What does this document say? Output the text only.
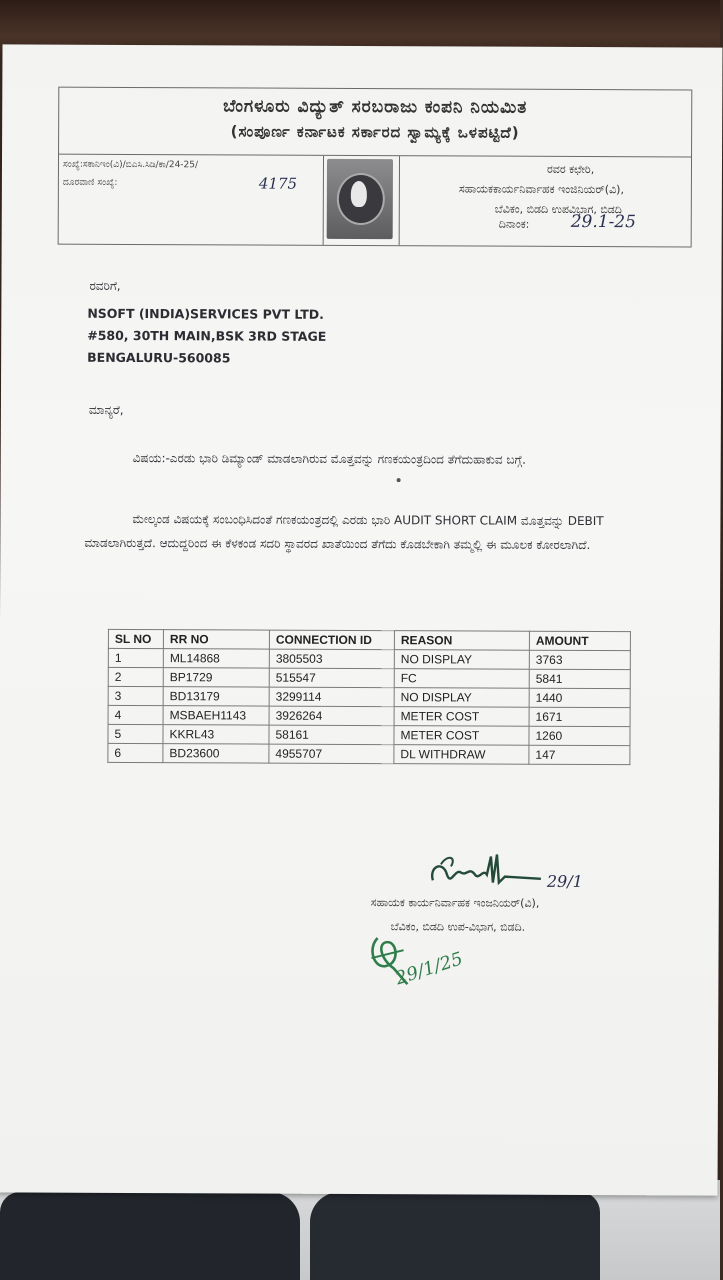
ಬೆಂಗಳೂರು ವಿದ್ಯುತ್ ಸರಬರಾಜು ಕಂಪನಿ ನಿಯಮಿತ
(ಸಂಪೂರ್ಣ ಕರ್ನಾಟಕ ಸರ್ಕಾರದ ಸ್ವಾಮ್ಯಕ್ಕೆ ಒಳಪಟ್ಟಿದೆ)
ಸಂಖ್ಯೆ:ಸಕಾನಿಇಂ(ವಿ)/ಬಿಎಸಿ.ಸಿಡಿ/ಕಾ/24-25/
ದೂರವಾಣಿ ಸಂಖ್ಯೆ:	4175
ರವರ ಕಛೇರಿ,
ಸಹಾಯಕಕಾರ್ಯನಿರ್ವಾಹಕ ಇಂಜಿನಿಯರ್(ವಿ),
ಬೆವಿಕಂ, ಬಿಡದಿ ಉಪವಿಭಾಗ, ಬಿಡದಿ
ದಿನಾಂಕ: 29.1-25
ರವರಿಗೆ,
NSOFT (INDIA)SERVICES PVT LTD.
#580, 30TH MAIN,BSK 3RD STAGE
BENGALURU-560085
ಮಾನ್ಯರೆ,
ವಿಷಯ:-ಎರಡು ಭಾರಿ ಡಿಮ್ಯಾಂಡ್ ಮಾಡಲಾಗಿರುವ ಮೊತ್ತವನ್ನು ಗಣಕಯಂತ್ರದಿಂದ ತೆಗೆದುಹಾಕುವ ಬಗ್ಗೆ.
ಮೇಲ್ಕಂಡ ವಿಷಯಕ್ಕೆ ಸಂಬಂಧಿಸಿದಂತೆ ಗಣಕಯಂತ್ರದಲ್ಲಿ ಎರಡು ಭಾರಿ AUDIT SHORT CLAIM ಮೊತ್ತವನ್ನು DEBIT ಮಾಡಲಾಗಿರುತ್ತದೆ. ಆದುದ್ದರಿಂದ ಈ ಕೆಳಕಂಡ ಸದರಿ ಸ್ಥಾವರದ ಖಾತೆಯಿಂದ ತೆಗೆದು ಕೊಡಬೇಕಾಗಿ ತಮ್ಮಲ್ಲಿ ಈ ಮೂಲಕ ಕೋರಲಾಗಿದೆ.
SL NO	RR NO	CONNECTION ID	REASON	AMOUNT
1	ML14868	3805503	NO DISPLAY	3763
2	BP1729	515547	FC	5841
3	BD13179	3299114	NO DISPLAY	1440
4	MSBAEH1143	3926264	METER COST	1671
5	KKRL43	58161	METER COST	1260
6	BD23600	4955707	DL WITHDRAW	147
29/1
ಸಹಾಯಕ ಕಾರ್ಯನಿರ್ವಾಹಕ ಇಂಜನಿಯರ್(ವಿ),
ಬೆವಿಕಂ, ಬಿಡದಿ ಉಪ-ವಿಭಾಗ, ಬಿಡದಿ.
29/1/25
